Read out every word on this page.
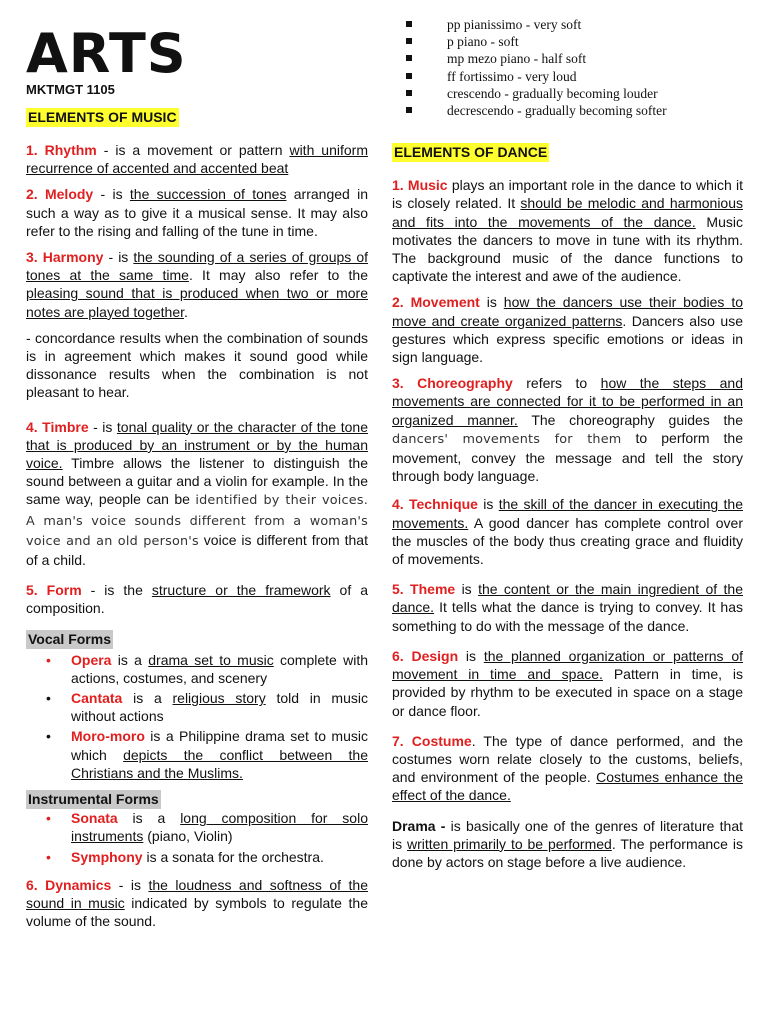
ARTS
MKTMGT 1105
ELEMENTS OF MUSIC

1. Rhythm - is a movement or pattern with uniform recurrence of accented and accented beat

2. Melody - is the succession of tones arranged in such a way as to give it a musical sense. It may also refer to the rising and falling of the tune in time.

3. Harmony - is the sounding of a series of groups of tones at the same time. It may also refer to the pleasing sound that is produced when two or more notes are played together.

- concordance results when the combination of sounds is in agreement which makes it sound good while dissonance results when the combination is not pleasant to hear.

4. Timbre - is tonal quality or the character of the tone that is produced by an instrument or by the human voice. Timbre allows the listener to distinguish the sound between a guitar and a violin for example. In the same way, people can be identified by their voices. A man's voice sounds different from a woman's voice and an old person's voice is different from that of a child.

5. Form - is the structure or the framework of a composition.

Vocal Forms
• Opera is a drama set to music complete with actions, costumes, and scenery
• Cantata is a religious story told in music without actions
• Moro-moro is a Philippine drama set to music which depicts the conflict between the Christians and the Muslims.
Instrumental Forms
• Sonata is a long composition for solo instruments (piano, Violin)
• Symphony is a sonata for the orchestra.

6. Dynamics - is the loudness and softness of the sound in music indicated by symbols to regulate the volume of the sound.

pp pianissimo - very soft
p piano - soft
mp mezo piano - half soft
ff fortissimo - very loud
crescendo - gradually becoming louder
decrescendo - gradually becoming softer
ELEMENTS OF DANCE

1. Music plays an important role in the dance to which it is closely related. It should be melodic and harmonious and fits into the movements of the dance. Music motivates the dancers to move in tune with its rhythm. The background music of the dance functions to captivate the interest and awe of the audience.

2. Movement is how the dancers use their bodies to move and create organized patterns. Dancers also use gestures which express specific emotions or ideas in sign language.

3. Choreography refers to how the steps and movements are connected for it to be performed in an organized manner. The choreography guides the dancers' movements for them to perform the movement, convey the message and tell the story through body language.

4. Technique is the skill of the dancer in executing the movements. A good dancer has complete control over the muscles of the body thus creating grace and fluidity of movements.

5. Theme is the content or the main ingredient of the dance. It tells what the dance is trying to convey. It has something to do with the message of the dance.

6. Design is the planned organization or patterns of movement in time and space. Pattern in time, is provided by rhythm to be executed in space on a stage or dance floor.

7. Costume. The type of dance performed, and the costumes worn relate closely to the customs, beliefs, and environment of the people. Costumes enhance the effect of the dance.

Drama - is basically one of the genres of literature that is written primarily to be performed. The performance is done by actors on stage before a live audience.
